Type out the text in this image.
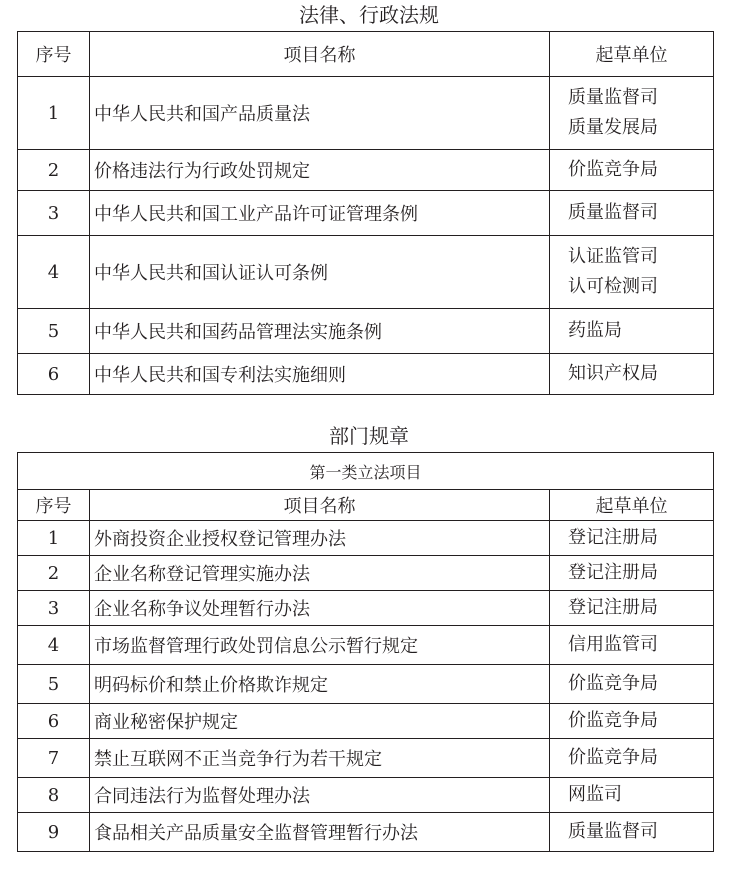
法律、行政法规
序号	项目名称	起草单位
1	中华人民共和国产品质量法	质量监督司
质量发展局

2	价格违法行为行政处罚规定	价监竞争局
3	中华人民共和国工业产品许可证管理条例	质量监督司
4	中华人民共和国认证认可条例	认证监管司
认可检测司

5	中华人民共和国药品管理法实施条例	药监局
6	中华人民共和国专利法实施细则	知识产权局
部门规章
第一类立法项目		
序号	项目名称	起草单位
1	外商投资企业授权登记管理办法	登记注册局
2	企业名称登记管理实施办法	登记注册局
3	企业名称争议处理暂行办法	登记注册局
4	市场监督管理行政处罚信息公示暂行规定	信用监管司
5	明码标价和禁止价格欺诈规定	价监竞争局
6	商业秘密保护规定	价监竞争局
7	禁止互联网不正当竞争行为若干规定	价监竞争局
8	合同违法行为监督处理办法	网监司
9	食品相关产品质量安全监督管理暂行办法	质量监督司
